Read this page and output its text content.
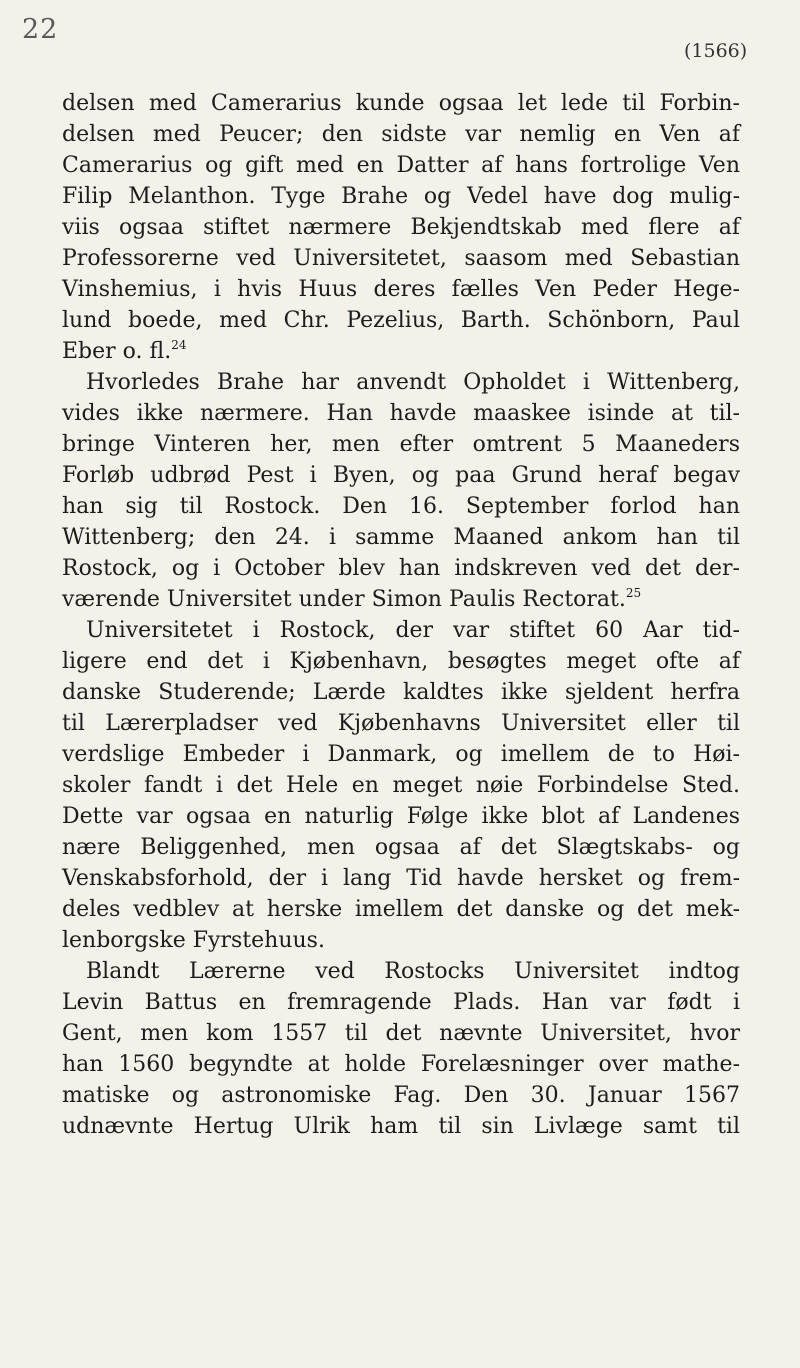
22
(1566)
delsen med Camerarius kunde ogsaa let lede til Forbin-
delsen med Peucer; den sidste var nemlig en Ven af
Camerarius og gift med en Datter af hans fortrolige Ven
Filip Melanthon. Tyge Brahe og Vedel have dog mulig-
viis ogsaa stiftet nærmere Bekjendtskab med flere af
Professorerne ved Universitetet, saasom med Sebastian
Vinshemius, i hvis Huus deres fælles Ven Peder Hege-
lund boede, med Chr. Pezelius, Barth. Schönborn, Paul
Eber o. fl.$^{24}$
Hvorledes Brahe har anvendt Opholdet i Wittenberg,
vides ikke nærmere. Han havde maaskee isinde at til-
bringe Vinteren her, men efter omtrent 5 Maaneders
Forløb udbrød Pest i Byen, og paa Grund heraf begav
han sig til Rostock. Den 16. September forlod han
Wittenberg; den 24. i samme Maaned ankom han til
Rostock, og i October blev han indskreven ved det der-
værende Universitet under Simon Paulis Rectorat.$^{25}$
Universitetet i Rostock, der var stiftet 60 Aar tid-
ligere end det i Kjøbenhavn, besøgtes meget ofte af
danske Studerende; Lærde kaldtes ikke sjeldent herfra
til Lærerpladser ved Kjøbenhavns Universitet eller til
verdslige Embeder i Danmark, og imellem de to Høi-
skoler fandt i det Hele en meget nøie Forbindelse Sted.
Dette var ogsaa en naturlig Følge ikke blot af Landenes
nære Beliggenhed, men ogsaa af det Slægtskabs- og
Venskabsforhold, der i lang Tid havde hersket og frem-
deles vedblev at herske imellem det danske og det mek-
lenborgske Fyrstehuus.
Blandt Lærerne ved Rostocks Universitet indtog
Levin Battus en fremragende Plads. Han var født i
Gent, men kom 1557 til det nævnte Universitet, hvor
han 1560 begyndte at holde Forelæsninger over mathe-
matiske og astronomiske Fag. Den 30. Januar 1567
udnævnte Hertug Ulrik ham til sin Livlæge samt til
